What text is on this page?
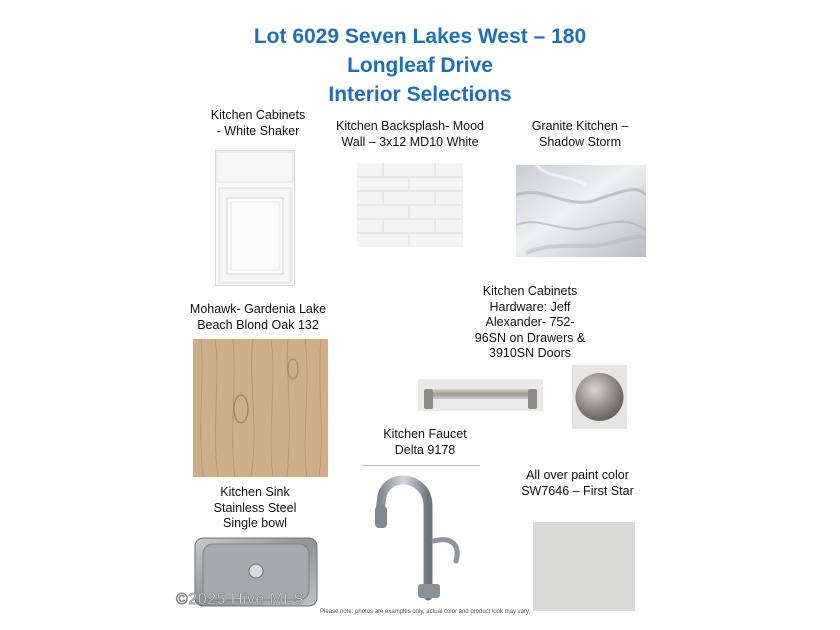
Lot 6029 Seven Lakes West – 180
Longleaf Drive
Interior Selections
Kitchen Cabinets
- White Shaker	Kitchen Backsplash- Mood
Wall – 3x12 MD10 White
Granite Kitchen –
Shadow Storm
Mohawk- Gardenia Lake
Beach Blond Oak 132
Kitchen Cabinets
Hardware: Jeff
Alexander- 752-
96SN on Drawers &
3910SN Doors
Kitchen Faucet
Delta 9178
Kitchen Sink
Stainless Steel
Single bowl
All over paint color
SW7646 – First Star
Please note: photos are examples only, actual color and product look may vary.
©2025 Hive MLS
